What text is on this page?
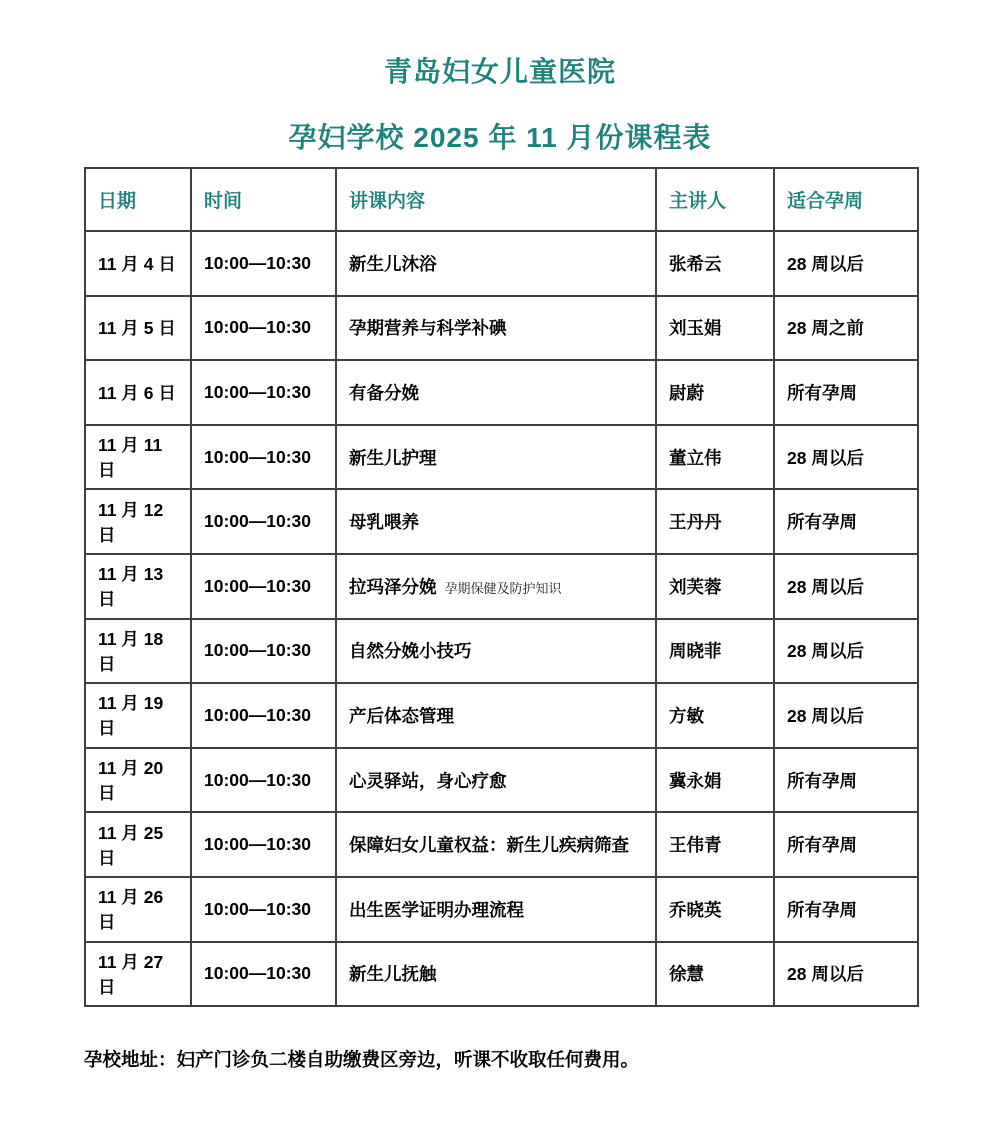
青岛妇女儿童医院
孕妇学校 2025 年 11 月份课程表
日期	时间	讲课内容	主讲人	适合孕周
11 月 4 日	10:00—10:30	新生儿沐浴	张希云	28 周以后
11 月 5 日	10:00—10:30	孕期营养与科学补碘	刘玉娟	28 周之前
11 月 6 日	10:00—10:30	有备分娩	尉蔚	所有孕周
11 月 11 日	10:00—10:30	新生儿护理	董立伟	28 周以后
11 月 12 日	10:00—10:30	母乳喂养	王丹丹	所有孕周
11 月 13 日	10:00—10:30	拉玛泽分娩 孕期保健及防护知识	刘芙蓉	28 周以后
11 月 18 日	10:00—10:30	自然分娩小技巧	周晓菲	28 周以后
11 月 19 日	10:00—10:30	产后体态管理	方敏	28 周以后
11 月 20 日	10:00—10:30	心灵驿站，身心疗愈	冀永娟	所有孕周
11 月 25 日	10:00—10:30	保障妇女儿童权益：新生儿疾病筛查	王伟青	所有孕周
11 月 26 日	10:00—10:30	出生医学证明办理流程	乔晓英	所有孕周
11 月 27 日	10:00—10:30	新生儿抚触	徐慧	28 周以后
孕校地址：妇产门诊负二楼自助缴费区旁边，听课不收取任何费用。
